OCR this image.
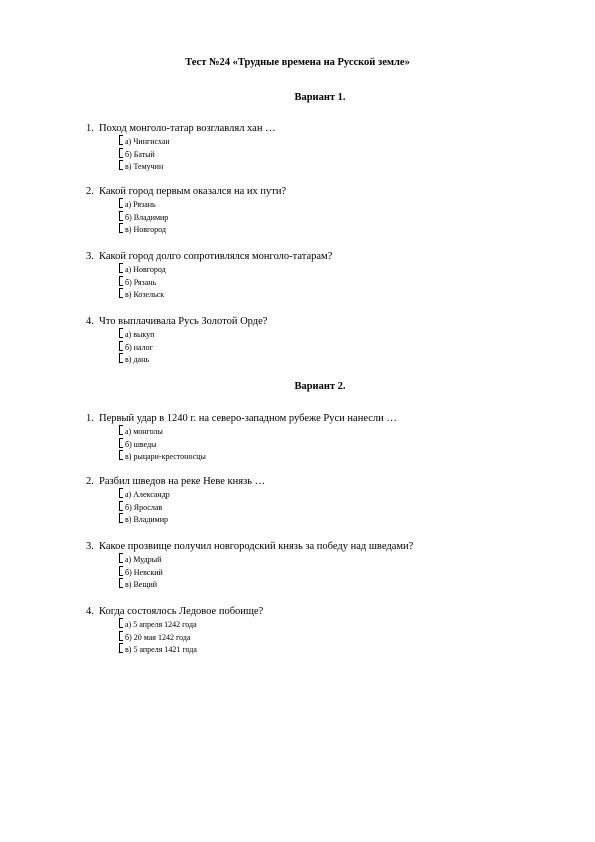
Тест №24 «Трудные времена на Русской земле»
Вариант 1.
1. Поход монголо-татар возглавлял хан …
а) Чингисхан
б) Батый
в) Темучин
2. Какой город первым оказался на их пути?
а) Рязань
б) Владимир
в) Новгород
3. Какой город долго сопротивлялся монголо-татарам?
а) Новгород
б) Рязань
в) Козельск
4. Что выплачивала Русь Золотой Орде?
а) выкуп
б) налог
в) дань
Вариант 2.
1. Первый удар в 1240 г. на северо-западном рубеже Руси нанесли …
а) монголы
б) шведы
в) рыцари-крестоносцы
2. Разбил шведов на реке Неве князь …
а) Александр
б) Ярослав
в) Владимир
3. Какое прозвище получил новгородский князь за победу над шведами?
а) Мудрый
б) Невский
в) Вещий
4. Когда состоялось Ледовое побоище?
а) 5 апреля 1242 года
б) 20 мая 1242 года
в) 5 апреля 1421 года
